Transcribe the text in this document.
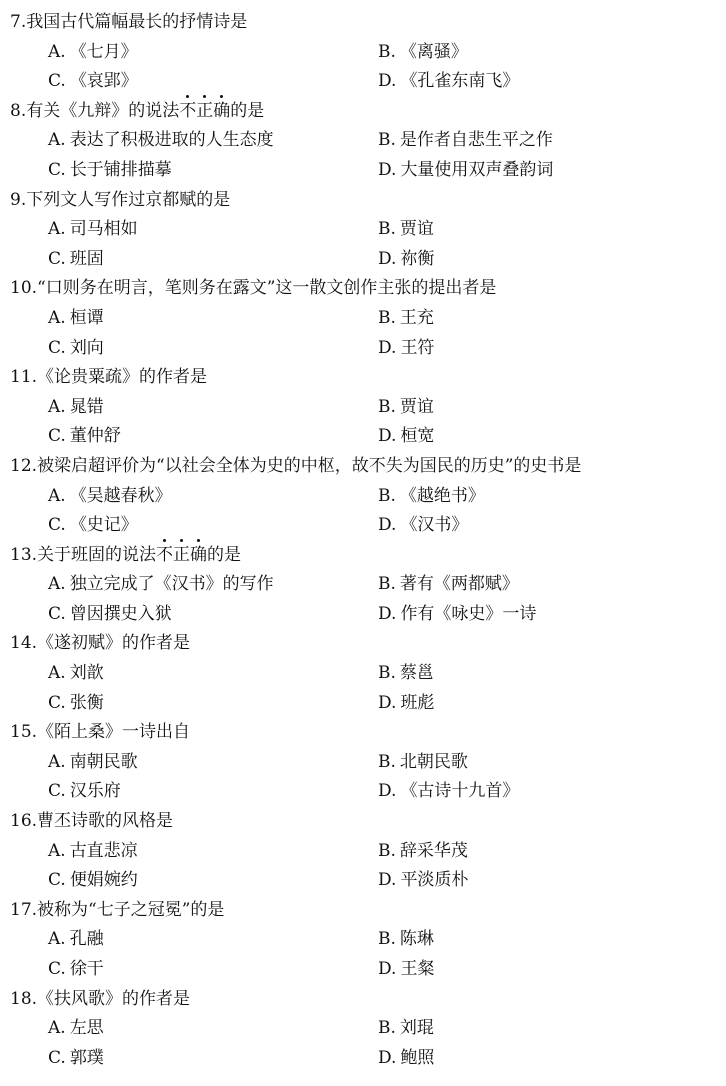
7.我国古代篇幅最长的抒情诗是
A. 《七月》	B. 《离骚》
C. 《哀郢》	D. 《孔雀东南飞》
8.有关《九辩》的说法不正确的是
A. 表达了积极进取的人生态度	B. 是作者自悲生平之作
C. 长于铺排描摹	D. 大量使用双声叠韵词
9.下列文人写作过京都赋的是
A. 司马相如	B. 贾谊
C. 班固	D. 祢衡
10.“口则务在明言，笔则务在露文”这一散文创作主张的提出者是
A. 桓谭	B. 王充
C. 刘向	D. 王符
11.《论贵粟疏》的作者是
A. 晁错	B. 贾谊
C. 董仲舒	D. 桓宽
12.被梁启超评价为“以社会全体为史的中枢，故不失为国民的历史”的史书是
A. 《吴越春秋》	B. 《越绝书》
C. 《史记》	D. 《汉书》
13.关于班固的说法不正确的是
A. 独立完成了《汉书》的写作	B. 著有《两都赋》
C. 曾因撰史入狱	D. 作有《咏史》一诗
14.《遂初赋》的作者是
A. 刘歆	B. 蔡邕
C. 张衡	D. 班彪
15.《陌上桑》一诗出自
A. 南朝民歌	B. 北朝民歌
C. 汉乐府	D. 《古诗十九首》
16.曹丕诗歌的风格是
A. 古直悲凉	B. 辞采华茂
C. 便娟婉约	D. 平淡质朴
17.被称为“七子之冠冕”的是
A. 孔融	B. 陈琳
C. 徐干	D. 王粲
18.《扶风歌》的作者是
A. 左思	B. 刘琨
C. 郭璞	D. 鲍照
